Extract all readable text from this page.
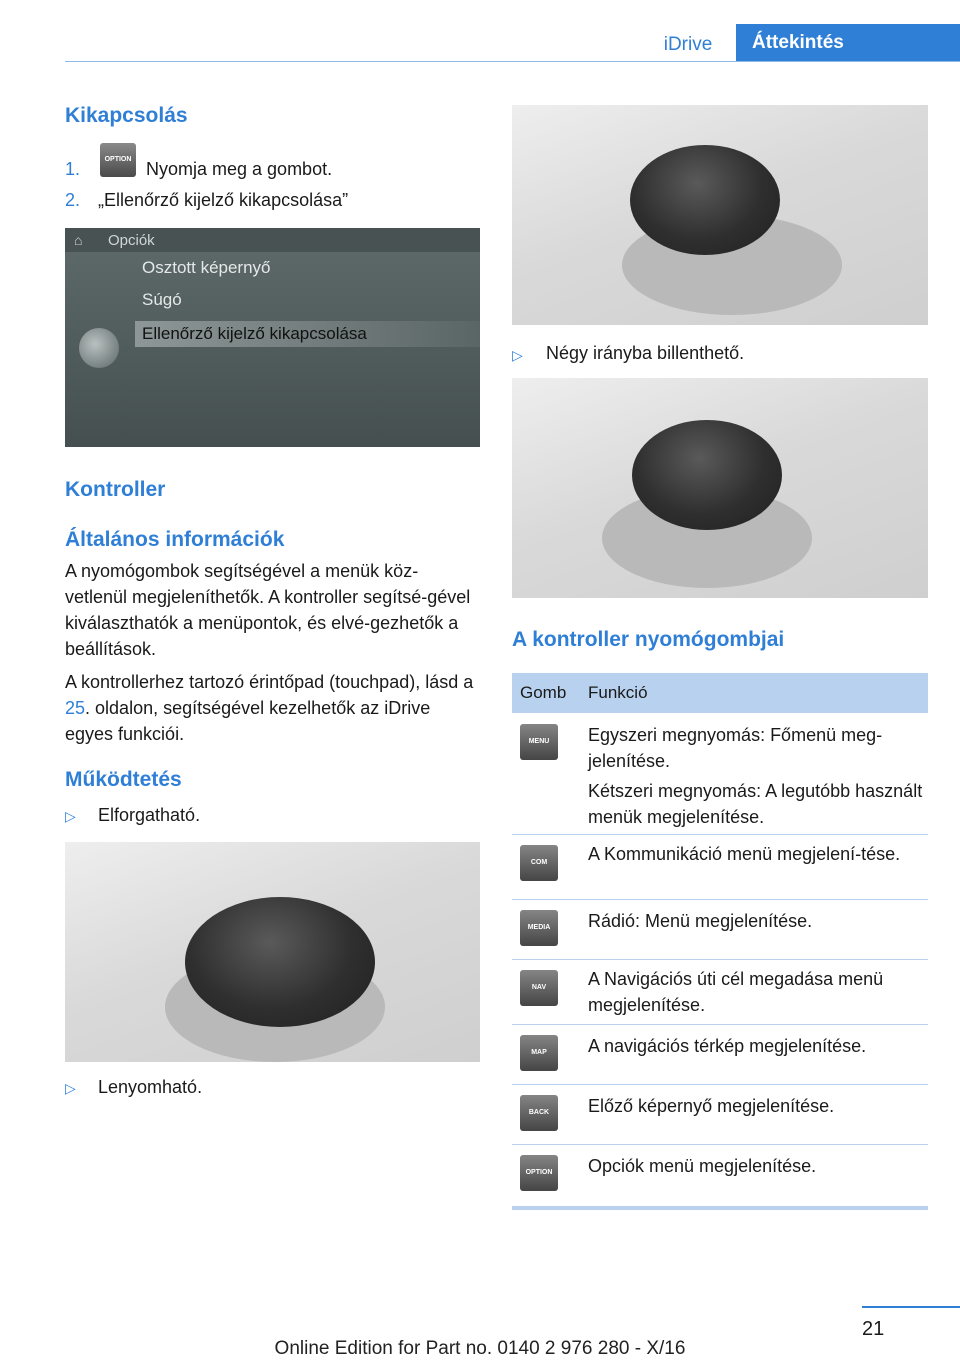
iDrive	Áttekintés
Kikapcsolás
1.	OPTION Nyomja meg a gombot.
2. „Ellenőrző kijelző kikapcsolása”
⌂ Opciók
Osztott képernyő
Súgó
Ellenőrző kijelző kikapcsolása
Kontroller
Általános információk
A nyomógombok segítségével a menük köz-vetlenül megjeleníthetők. A kontroller segítsé-gével kiválaszthatók a menüpontok, és elvé-gezhetők a beállítások.
A kontrollerhez tartozó érintőpad (touchpad), lásd a 25. oldalon, segítségével kezelhetők az iDrive egyes funkciói.
Működtetés
▷ Elforgatható.
▷ Lenyomható.
▷ Négy irányba billenthető.
A kontroller nyomógombjai
Gomb Funkció
MENU	Egyszeri megnyomás: Főmenü meg-jelenítése.
Kétszeri megnyomás: A legutóbb használt menük megjelenítése.
COM	A Kommunikáció menü megjelení-tése.
MEDIA	Rádió: Menü megjelenítése.
NAV	A Navigációs úti cél megadása menü megjelenítése.
MAP	A navigációs térkép megjelenítése.
BACK	Előző képernyő megjelenítése.
OPTION	Opciók menü megjelenítése.
21
Online Edition for Part no. 0140 2 976 280 - X/16
